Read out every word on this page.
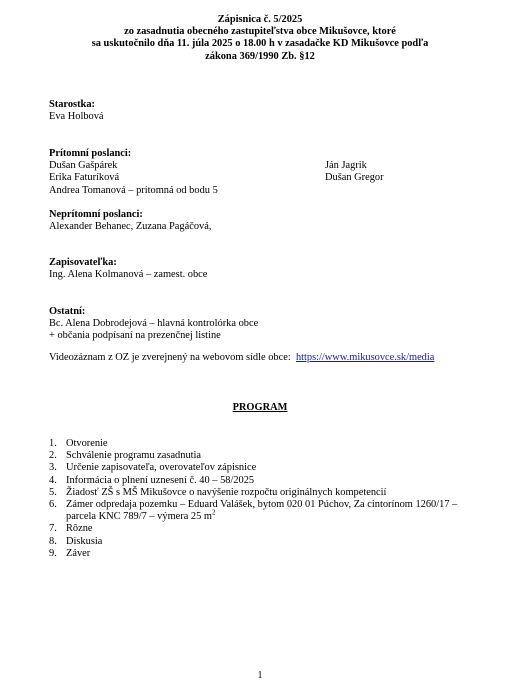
Zápisnica č. 5/2025
zo zasadnutia obecného zastupiteľstva obce Mikušovce, ktoré
sa uskutočnilo dňa 11. júla 2025 o 18.00 h v zasadačke KD Mikušovce podľa
zákona 369/1990 Zb. §12
Starostka:
Eva Holbová
Prítomní poslanci:
Dušan Gašpárek
Erika Faturíková
Andrea Tomanová – prítomná od bodu 5
Ján Jagrik
Dušan Gregor
Neprítomní poslanci:
Alexander Behanec, Zuzana Pagáčová,
Zapisovateľka:
Ing. Alena Kolmanová – zamest. obce
Ostatní:
Bc. Alena Dobrodejová – hlavná kontrolórka obce
+ občania podpísaní na prezenčnej listine
Videozáznam z OZ je zverejnený na webovom sídle obce: https://www.mikusovce.sk/media
PROGRAM
1. Otvorenie
2. Schválenie programu zasadnutia
3. Určenie zapisovateľa, overovateľov zápisnice
4. Informácia o plnení uznesení č. 40 – 58/2025
5. Žiadosť ZŠ s MŠ Mikušovce o navýšenie rozpočtu originálnych kompetencií
6. Zámer odpredaja pozemku – Eduard Valášek, bytom 020 01 Púchov, Za cintorínom 1260/17 –
parcela KNC 789/7 – výmera 25 $m^2$
7. Rôzne
8. Diskusia
9. Záver
1
